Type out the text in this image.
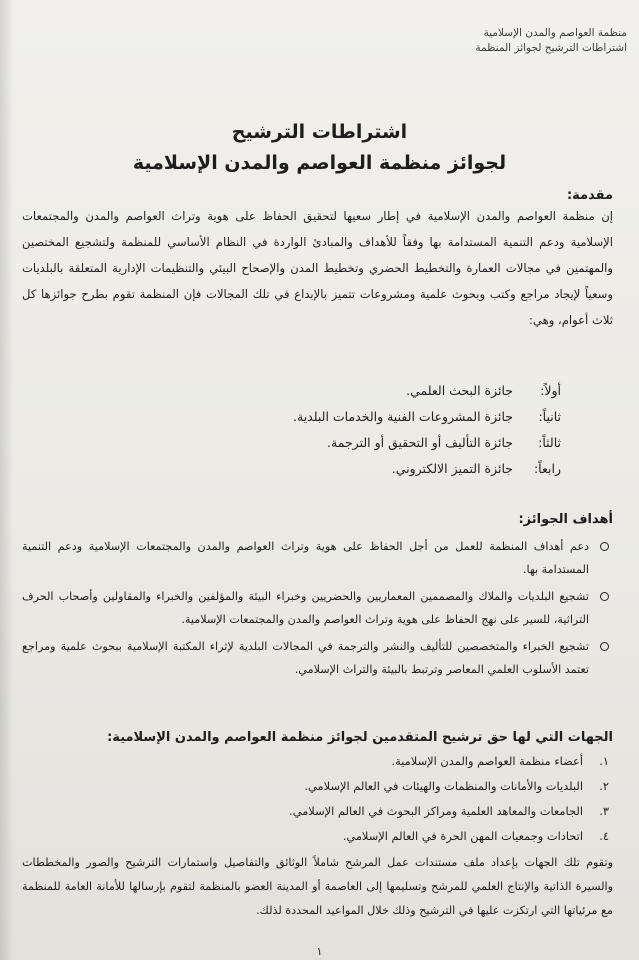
منظمة العواصم والمدن الإسلامية
اشتراطات الترشيح لجوائز المنظمة
اشتراطات الترشيح
لجوائز منظمة العواصم والمدن الإسلامية
مقدمة:
إن منظمة العواصم والمدن الإسلامية في إطار سعيها لتحقيق الحفاظ على هوية وتراث العواصم والمدن والمجتمعات الإسلامية ودعم التنمية المستدامة بها وفقاً للأهداف والمبادئ الواردة في النظام الأساسي للمنظمة ولتشجيع المختصين والمهتمين في مجالات العمارة والتخطيط الحضري وتخطيط المدن والإصحاح البيئي والتنظيمات الإدارية المتعلقة بالبلديات وسعياً لإيجاد مراجع وكتب وبحوث علمية ومشروعات تتميز بالإبداع في تلك المجالات فإن المنظمة تقوم بطرح جوائزها كل ثلاث أعوام، وهي:
أولاً:جائزة البحث العلمي.
ثانياً:جائزة المشروعات الفنية والخدمات البلدية.
ثالثاً:جائزة التأليف أو التحقيق أو الترجمة.
رابعاً:جائزة التميز الالكتروني.
أهداف الجوائز:
دعم أهداف المنظمة للعمل من أجل الحفاظ على هوية وتراث العواصم والمدن والمجتمعات الإسلامية ودعم التنمية المستدامة بها.
تشجيع البلديات والملاك والمصممين المعماريين والحضريين وخبراء البيئة والمؤلفين والخبراء والمقاولين وأصحاب الحرف التراثية، للسير على نهج الحفاظ على هوية وتراث العواصم والمدن والمجتمعات الإسلامية.
تشجيع الخبراء والمتخصصين للتأليف والنشر والترجمة في المجالات البلدية لإثراء المكتبة الإسلامية ببحوث علمية ومراجع تعتمد الأسلوب العلمي المعاصر وترتبط بالبيئة والتراث الإسلامي.
الجهات التي لها حق ترشيح المتقدمين لجوائز منظمة العواصم والمدن الإسلامية:
١.
أعضاء منظمة العواصم والمدن الإسلامية.
٢.
البلديات والأمانات والمنظمات والهيئات في العالم الإسلامي.
٣.
الجامعات والمعاهد العلمية ومراكز البحوث في العالم الإسلامي.
٤.
اتحادات وجمعيات المهن الحرة في العالم الإسلامي.
وتقوم تلك الجهات بإعداد ملف مستندات عمل المرشح شاملاً الوثائق والتفاصيل واستمارات الترشيح والصور والمخططات والسيرة الذاتية والإنتاج العلمي للمرشح وتسليمها إلى العاصمة أو المدينة العضو بالمنظمة لتقوم بإرسالها للأمانة العامة للمنظمة مع مرئياتها التي ارتكزت عليها في الترشيح وذلك خلال المواعيد المحددة لذلك.
١
